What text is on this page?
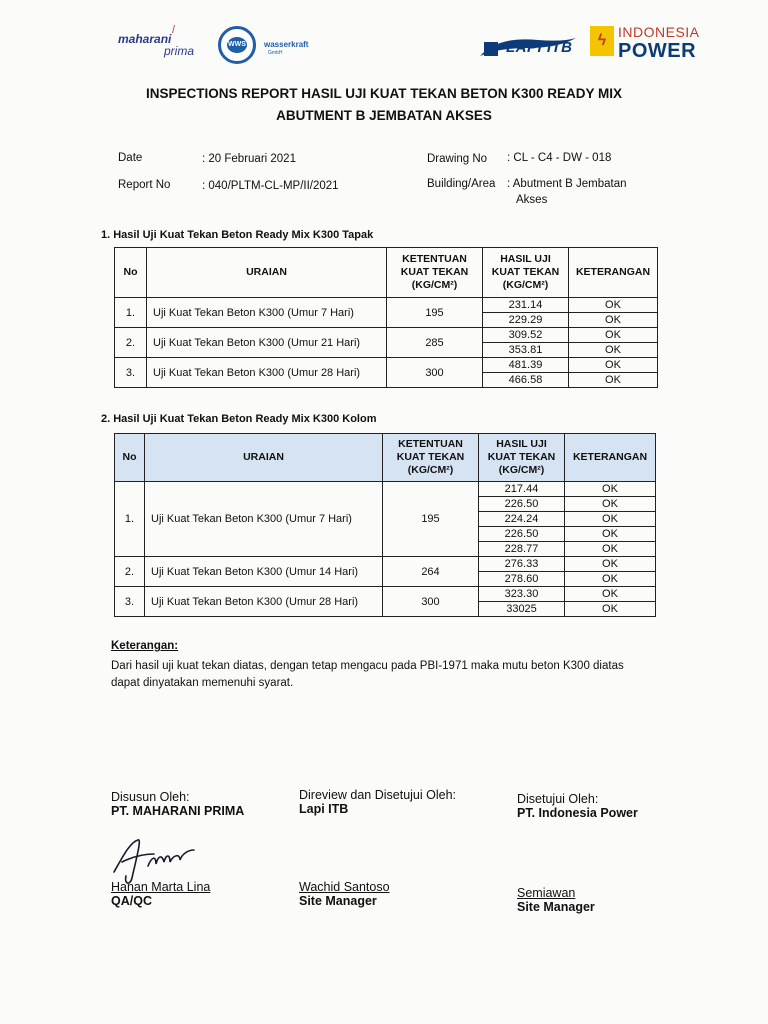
maharani
/
prima	WWS wasserkraft
GmbH	LAPI ITB	ϟ INDONESIA
POWER
INSPECTIONS REPORT HASIL UJI KUAT TEKAN BETON K300 READY MIX
ABUTMENT B JEMBATAN AKSES
Date	: 20 Februari 2021
Report No	: 040/PLTM-CL-MP/II/2021
Drawing No : CL - C4 - DW - 018
Building/Area : Abutment B Jembatan
Akses
1. Hasil Uji Kuat Tekan Beton Ready Mix K300 Tapak
No	URAIAN	KETENTUAN
KUAT TEKAN
(KG/CM²)	HASIL UJI
KUAT TEKAN
(KG/CM²)	KETERANGAN
1.	Uji Kuat Tekan Beton K300 (Umur 7 Hari)	195	231.14	OK
			229.29	OK
2.	Uji Kuat Tekan Beton K300 (Umur 21 Hari)	285	309.52	OK
			353.81	OK
3.	Uji Kuat Tekan Beton K300 (Umur 28 Hari)	300	481.39	OK
			466.58	OK
2. Hasil Uji Kuat Tekan Beton Ready Mix K300 Kolom
No	URAIAN	KETENTUAN
KUAT TEKAN
(KG/CM²)	HASIL UJI
KUAT TEKAN
(KG/CM²)	KETERANGAN
1.	Uji Kuat Tekan Beton K300 (Umur 7 Hari)	195	217.44	OK
			226.50	OK
			224.24	OK
			226.50	OK
			228.77	OK
2.	Uji Kuat Tekan Beton K300 (Umur 14 Hari)	264	276.33	OK
			278.60	OK
3.	Uji Kuat Tekan Beton K300 (Umur 28 Hari)	300	323.30	OK
			33025	OK
Keterangan:
Dari hasil uji kuat tekan diatas, dengan tetap mengacu pada PBI-1971 maka mutu beton K300 diatas
dapat dinyatakan memenuhi syarat.
Disusun Oleh:
PT. MAHARANI PRIMA
Hanan Marta Lina
QA/QC
Direview dan Disetujui Oleh:
Lapi ITB
Wachid Santoso
Site Manager
Disetujui Oleh:
PT. Indonesia Power
Semiawan
Site Manager
